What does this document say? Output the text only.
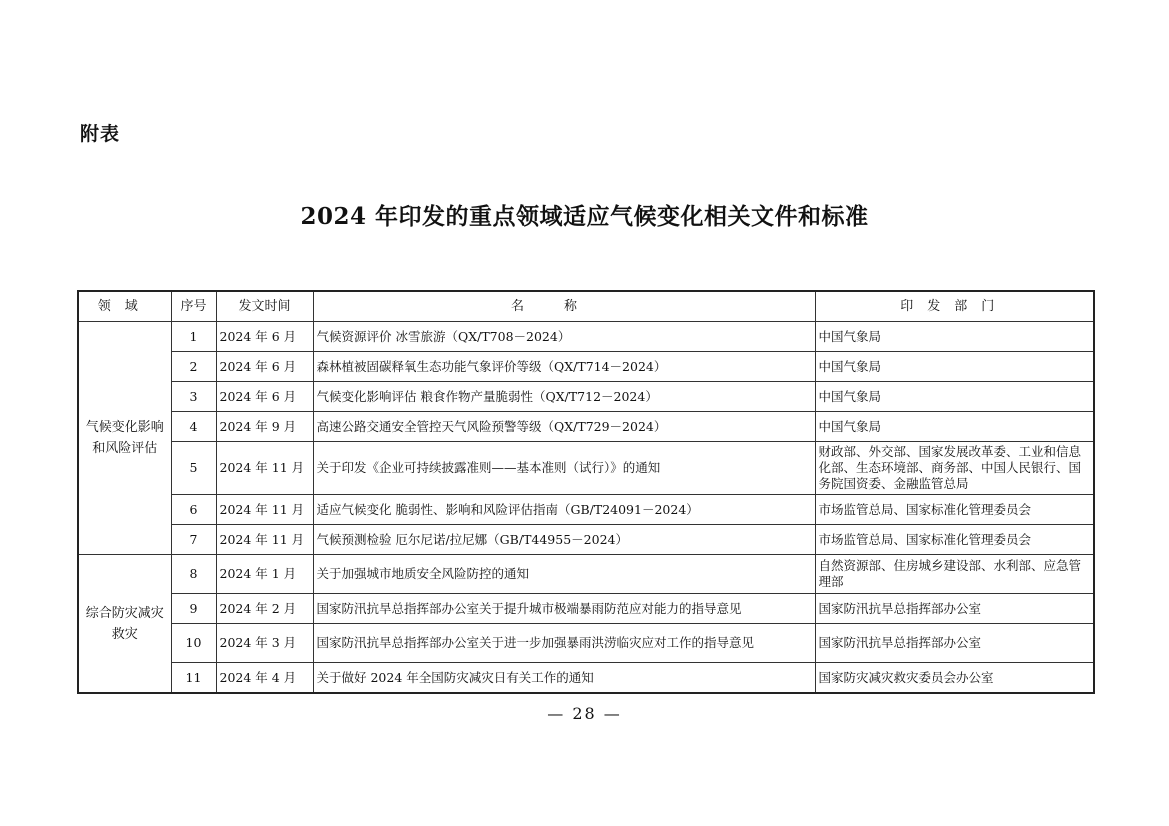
附表
2024 年印发的重点领域适应气候变化相关文件和标准
领域	序号	发文时间	名称	印发部门
气候变化影响和风险评估	1	2024 年 6 月	气候资源评价 冰雪旅游（QX/T708－2024）	中国气象局
	2	2024 年 6 月	森林植被固碳释氧生态功能气象评价等级（QX/T714－2024）	中国气象局
	3	2024 年 6 月	气候变化影响评估 粮食作物产量脆弱性（QX/T712－2024）	中国气象局
	4	2024 年 9 月	高速公路交通安全管控天气风险预警等级（QX/T729－2024）	中国气象局
	5	2024 年 11 月	关于印发《企业可持续披露准则——基本准则（试行）》的通知	财政部、外交部、国家发展改革委、工业和信息化部、生态环境部、商务部、中国人民银行、国务院国资委、金融监管总局
	6	2024 年 11 月	适应气候变化 脆弱性、影响和风险评估指南（GB/T24091－2024）	市场监管总局、国家标准化管理委员会
	7	2024 年 11 月	气候预测检验 厄尔尼诺/拉尼娜（GB/T44955－2024）	市场监管总局、国家标准化管理委员会
综合防灾减灾救灾	8	2024 年 1 月	关于加强城市地质安全风险防控的通知	自然资源部、住房城乡建设部、水利部、应急管理部
	9	2024 年 2 月	国家防汛抗旱总指挥部办公室关于提升城市极端暴雨防范应对能力的指导意见	国家防汛抗旱总指挥部办公室
	10	2024 年 3 月	国家防汛抗旱总指挥部办公室关于进一步加强暴雨洪涝临灾应对工作的指导意见	国家防汛抗旱总指挥部办公室
	11	2024 年 4 月	关于做好 2024 年全国防灾减灾日有关工作的通知	国家防灾减灾救灾委员会办公室
— 28 —
